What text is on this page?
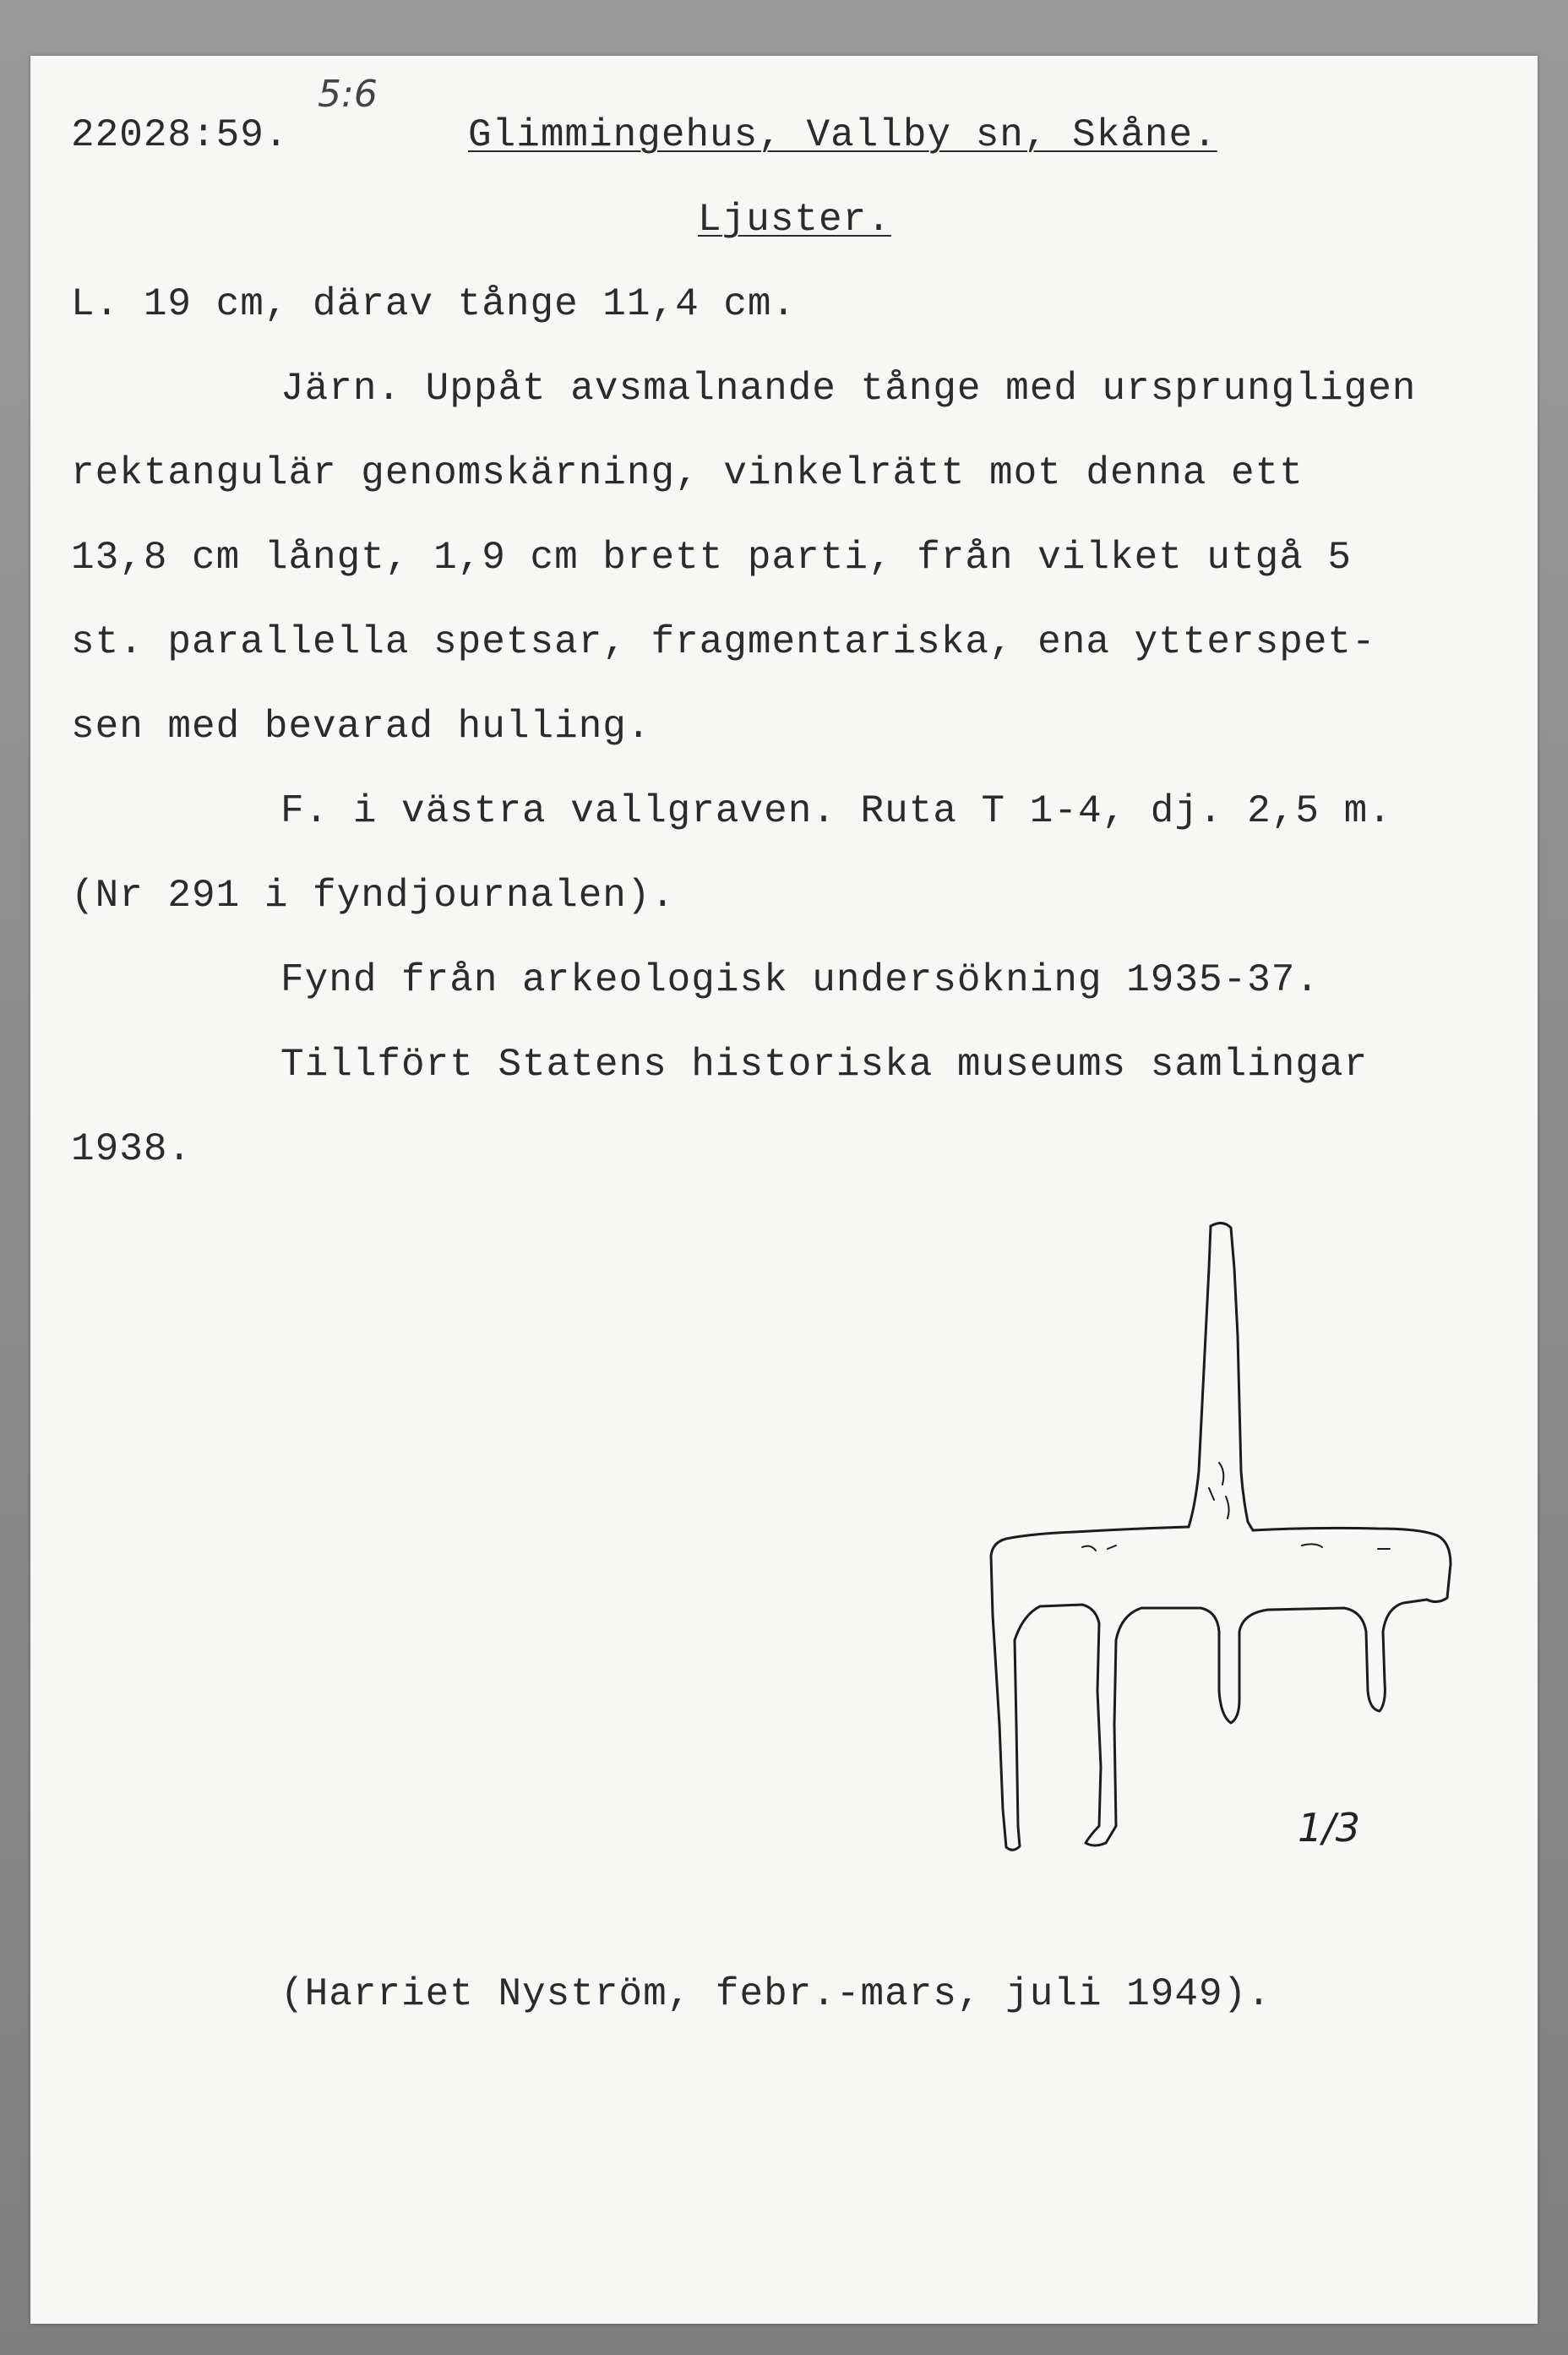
5:6
22028:59.	Glimmingehus, Vallby sn, Skåne.
Ljuster.
L. 19 cm, därav tånge 11,4 cm.
Järn. Uppåt avsmalnande tånge med ursprungligen
rektangulär genomskärning, vinkelrätt mot denna ett
13,8 cm långt, 1,9 cm brett parti, från vilket utgå 5
st. parallella spetsar, fragmentariska, ena ytterspet-
sen med bevarad hulling.
F. i västra vallgraven. Ruta T 1-4, dj. 2,5 m.
(Nr 291 i fyndjournalen).
Fynd från arkeologisk undersökning 1935-37.
Tillfört Statens historiska museums samlingar
1938.
1/3
(Harriet Nyström, febr.-mars, juli 1949).
